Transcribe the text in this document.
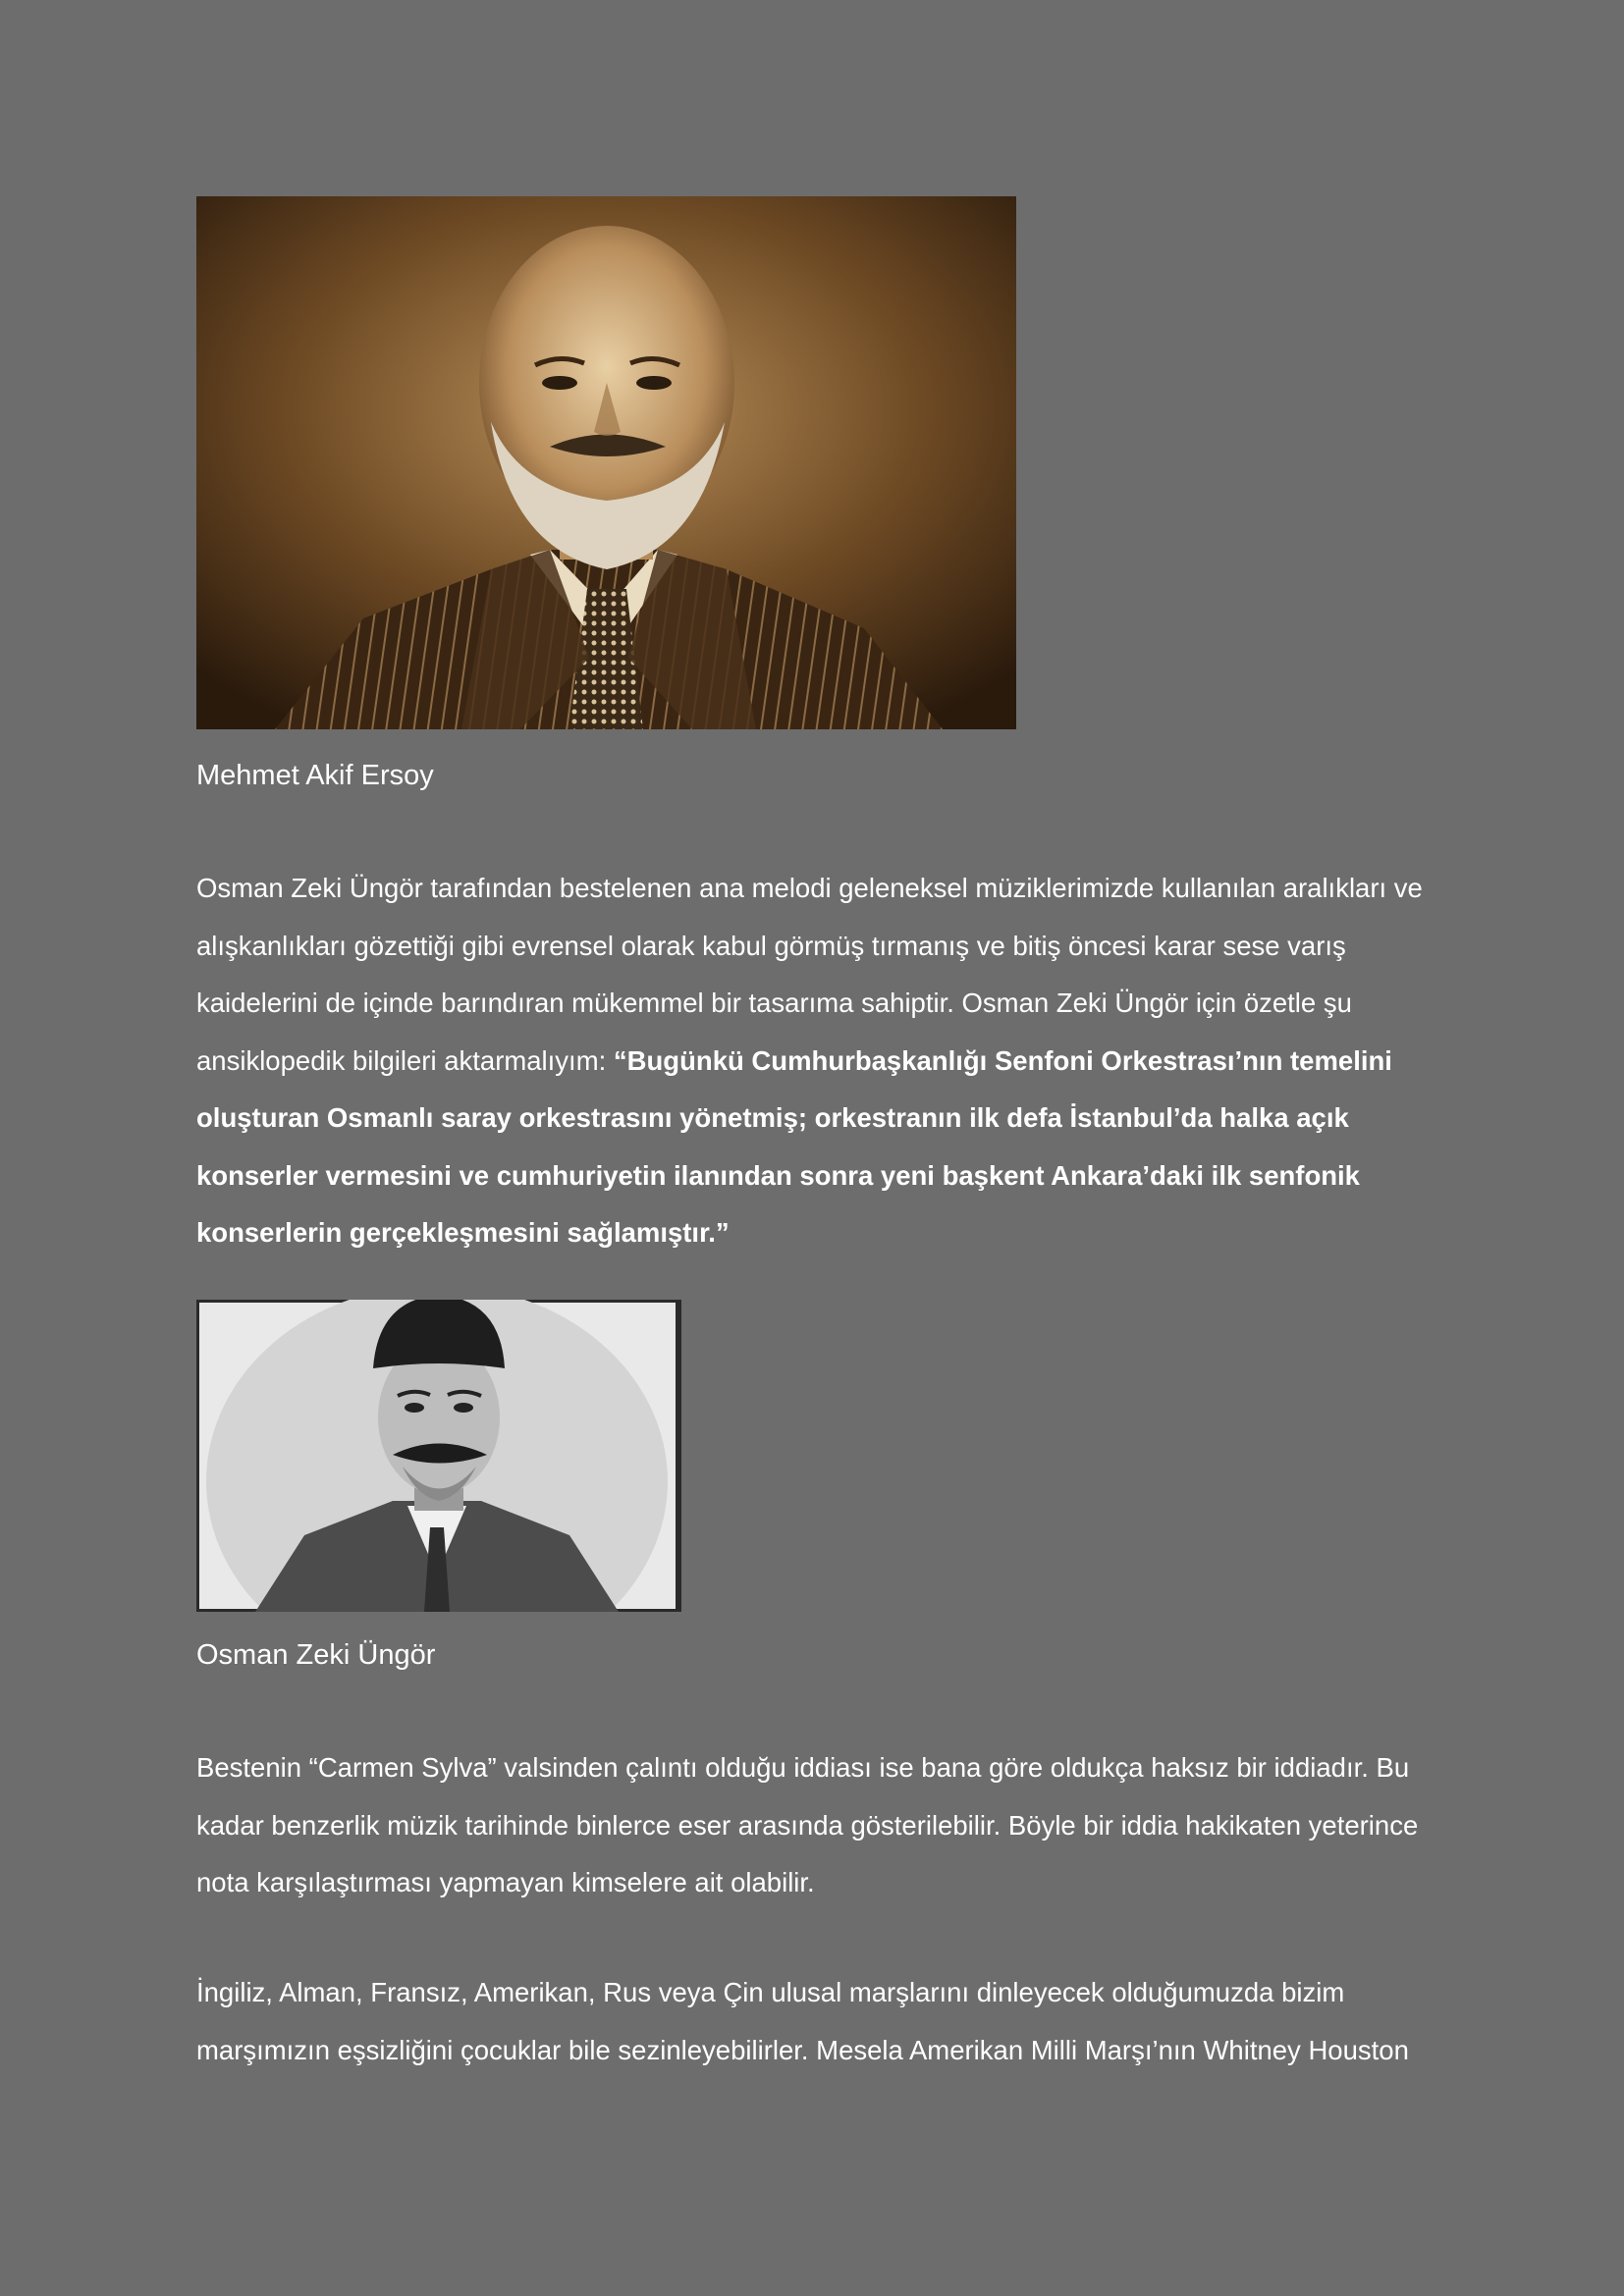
Mehmet Akif Ersoy

Osman Zeki Üngör tarafından bestelenen ana melodi geleneksel müziklerimizde kullanılan aralıkları ve alışkanlıkları gözettiği gibi evrensel olarak kabul görmüş tırmanış ve bitiş öncesi karar sese varış kaidelerini de içinde barındıran mükemmel bir tasarıma sahiptir. Osman Zeki Üngör için özetle şu ansiklopedik bilgileri aktarmalıyım: “Bugünkü Cumhurbaşkanlığı Senfoni Orkestrası’nın temelini oluşturan Osmanlı saray orkestrasını yönetmiş; orkestranın ilk defa İstanbul’da halka açık konserler vermesini ve cumhuriyetin ilanından sonra yeni başkent Ankara’daki ilk senfonik konserlerin gerçekleşmesini sağlamıştır.”

Osman Zeki Üngör

Bestenin “Carmen Sylva” valsinden çalıntı olduğu iddiası ise bana göre oldukça haksız bir iddiadır. Bu kadar benzerlik müzik tarihinde binlerce eser arasında gösterilebilir. Böyle bir iddia hakikaten yeterince nota karşılaştırması yapmayan kimselere ait olabilir.

İngiliz, Alman, Fransız, Amerikan, Rus veya Çin ulusal marşlarını dinleyecek olduğumuzda bizim marşımızın eşsizliğini çocuklar bile sezinleyebilirler. Mesela Amerikan Milli Marşı’nın Whitney Houston
